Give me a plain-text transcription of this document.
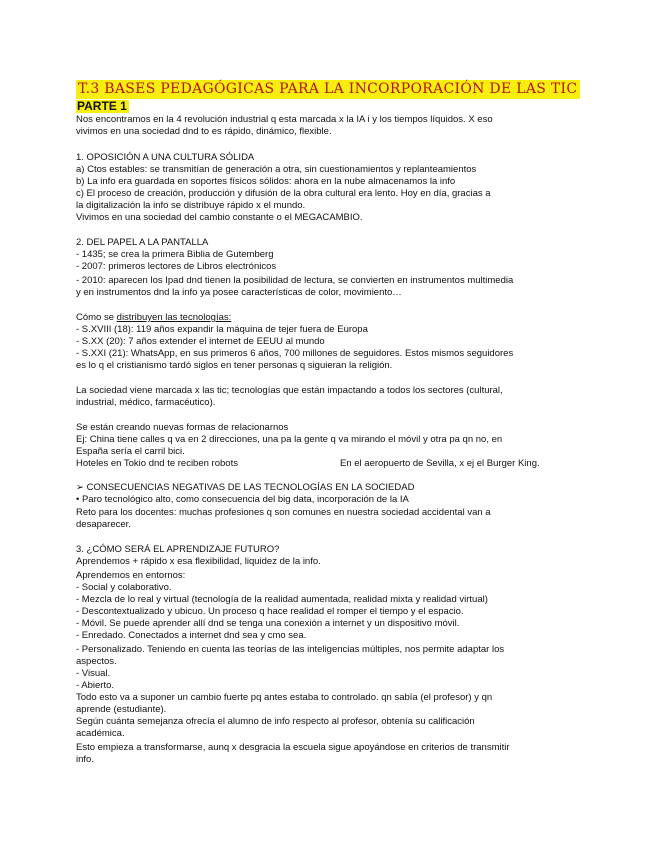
T.3 BASES PEDAGÓGICAS PARA LA INCORPORACIÓN DE LAS TIC
PARTE 1
Nos encontramos en la 4 revolución industrial q esta marcada x la IA i y los tiempos líquidos. X eso
vivimos en una sociedad dnd to es rápido, dinámico, flexible.
1. OPOSICIÓN A UNA CULTURA SÓLIDA
a) Ctos estables: se transmitían de generación a otra, sin cuestionamientos y replanteamientos
b) La info era guardada en soportes físicos sólidos: ahora en la nube almacenamos la info
c) El proceso de creación, producción y difusión de la obra cultural era lento. Hoy en día, gracias a
la digitalización la info se distribuye rápido x el mundo.
Vivimos en una sociedad del cambio constante o el MEGACAMBIO.
2. DEL PAPEL A LA PANTALLA
- 1435; se crea la primera Biblia de Gutemberg
- 2007: primeros lectores de Libros electrónicos
- 2010: aparecen los Ipad dnd tienen la posibilidad de lectura, se convierten en instrumentos multimedia
y en instrumentos dnd la info ya posee características de color, movimiento…
Cómo se distribuyen las tecnologías:
- S.XVIII (18): 119 años expandir la máquina de tejer fuera de Europa
- S.XX (20): 7 años extender el internet de EEUU al mundo
- S.XXI (21): WhatsApp, en sus primeros 6 años, 700 millones de seguidores. Estos mismos seguidores
es lo q el cristianismo tardó siglos en tener personas q siguieran la religión.
La sociedad viene marcada x las tic; tecnologías que están impactando a todos los sectores (cultural,
industrial, médico, farmacéutico).
Se están creando nuevas formas de relacionarnos
Ej: China tiene calles q va en 2 direcciones, una pa la gente q va mirando el móvil y otra pa qn no, en
España sería el carril bici.
Hoteles en Tokio dnd te reciben robots	En el aeropuerto de Sevilla, x ej el Burger King.
➢ CONSECUENCIAS NEGATIVAS DE LAS TECNOLOGÍAS EN LA SOCIEDAD
• Paro tecnológico alto, como consecuencia del big data, incorporación de la IA
Reto para los docentes: muchas profesiones q son comunes en nuestra sociedad accidental van a
desaparecer.
3. ¿CÓMO SERÁ EL APRENDIZAJE FUTURO?
Aprendemos + rápido x esa flexibilidad, liquidez de la info.
Aprendemos en entornos:
- Social y colaborativo.
- Mezcla de lo real y virtual (tecnología de la realidad aumentada, realidad mixta y realidad virtual)
- Descontextualizado y ubicuo. Un proceso q hace realidad el romper el tiempo y el espacio.
- Móvil. Se puede aprender allí dnd se tenga una conexión a internet y un dispositivo móvil.
- Enredado. Conectados a internet dnd sea y cmo sea.
- Personalizado. Teniendo en cuenta las teorías de las inteligencias múltiples, nos permite adaptar los
aspectos.
- Visual.
- Abierto.
Todo esto va a suponer un cambio fuerte pq antes estaba to controlado. qn sabía (el profesor) y qn
aprende (estudiante).
Según cuánta semejanza ofrecía el alumno de info respecto al profesor, obtenía su calificación
académica.
Esto empieza a transformarse, aunq x desgracia la escuela sigue apoyándose en criterios de transmitir
info.
